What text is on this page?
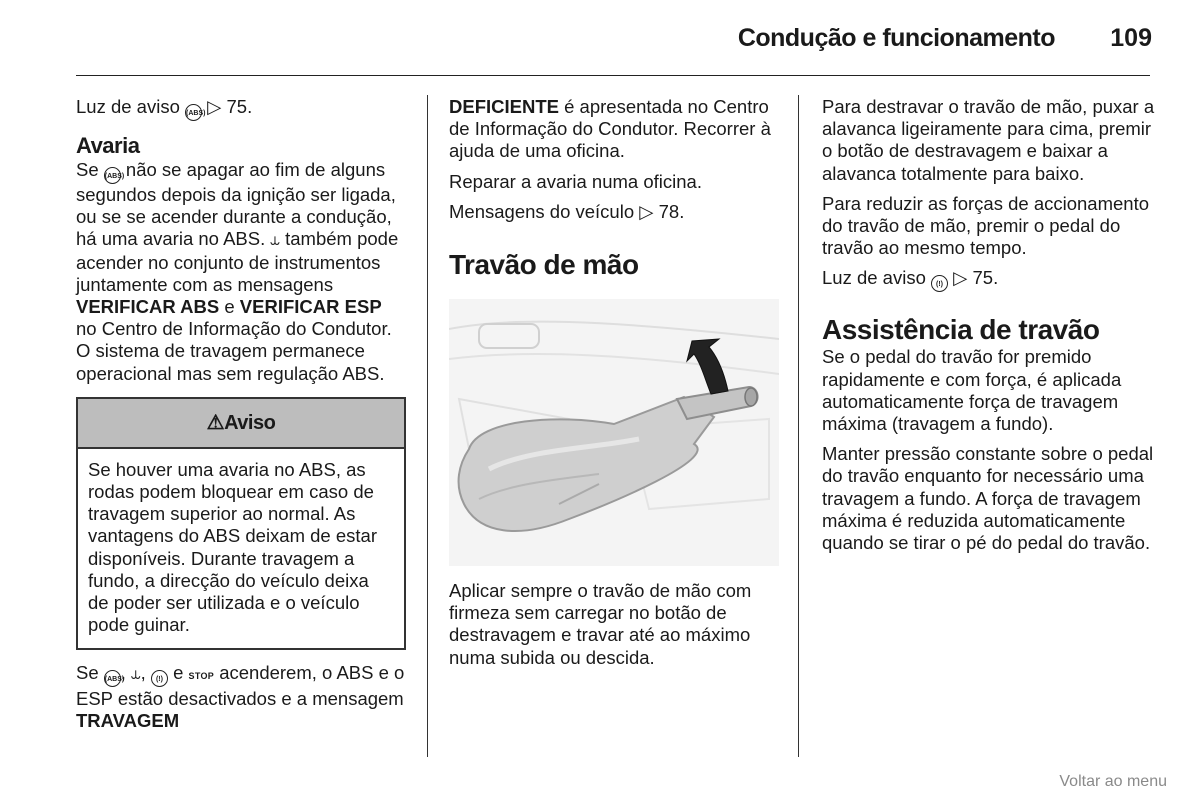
Condução e funcionamento 109

Luz de aviso (ABS) ▷ 75.

Avaria

Se (ABS) não se apagar ao fim de alguns segundos depois da ignição ser ligada, ou se se acender durante a condução, há uma avaria no ABS. ⥿ também pode acender no conjunto de instrumentos juntamente com as mensagens VERIFICAR ABS e VERIFICAR ESP no Centro de Informação do Condutor. O sistema de travagem permanece operacional mas sem regulação ABS.

⚠Aviso
Se houver uma avaria no ABS, as rodas podem bloquear em caso de travagem superior ao normal. As vantagens do ABS deixam de estar disponíveis. Durante travagem a fundo, a direcção do veículo deixa de poder ser utilizada e o veículo pode guinar.

Se (ABS), ⥿, (!) e STOP acenderem, o ABS e o ESP estão desactivados e a mensagem TRAVAGEM

DEFICIENTE é apresentada no Centro de Informação do Condutor. Recorrer à ajuda de uma oficina.

Reparar a avaria numa oficina.

Mensagens do veículo ▷ 78.

Travão de mão

Aplicar sempre o travão de mão com firmeza sem carregar no botão de destravagem e travar até ao máximo numa subida ou descida.

Para destravar o travão de mão, puxar a alavanca ligeiramente para cima, premir o botão de destravagem e baixar a alavanca totalmente para baixo.

Para reduzir as forças de accionamento do travão de mão, premir o pedal do travão ao mesmo tempo.

Luz de aviso (!) ▷ 75.

Assistência de travão

Se o pedal do travão for premido rapidamente e com força, é aplicada automaticamente força de travagem máxima (travagem a fundo).

Manter pressão constante sobre o pedal do travão enquanto for necessário uma travagem a fundo. A força de travagem máxima é reduzida automaticamente quando se tirar o pé do pedal do travão.

Voltar ao menu
